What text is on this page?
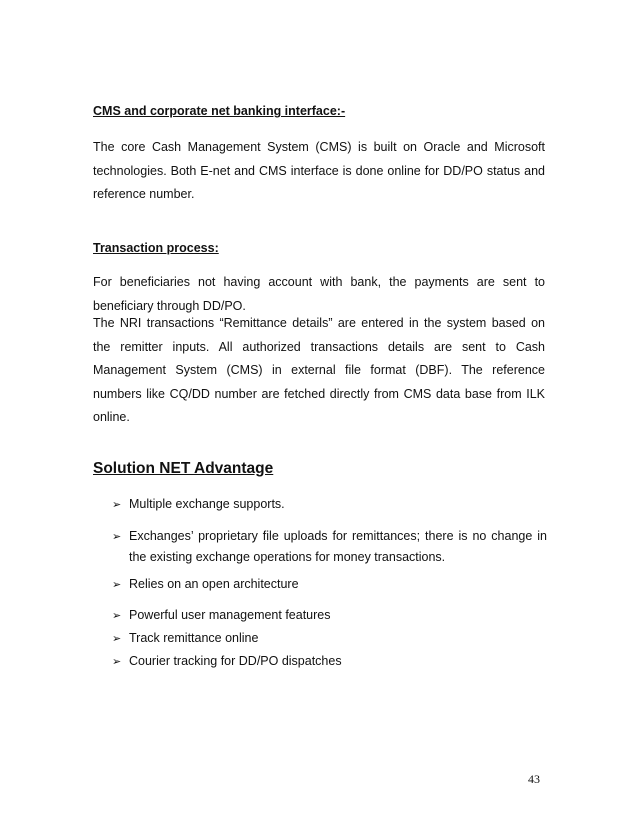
CMS and corporate net banking interface:-

The core Cash Management System (CMS) is built on Oracle and Microsoft
technologies. Both E-net and CMS interface is done online for DD/PO status and
reference number.

Transaction process:

For beneficiaries not having account with bank, the payments are sent to
beneficiary through DD/PO.

The NRI transactions “Remittance details” are entered in the system based on
the remitter inputs. All authorized transactions details are sent to Cash
Management System (CMS) in external file format (DBF). The reference
numbers like CQ/DD number are fetched directly from CMS data base from ILK
online.

Solution NET Advantage
➢ Multiple exchange supports.
➢ Exchanges’ proprietary file uploads for remittances; there is no change in
the existing exchange operations for money transactions.
➢ Relies on an open architecture
➢ Powerful user management features
➢ Track remittance online
➢ Courier tracking for DD/PO dispatches

43
